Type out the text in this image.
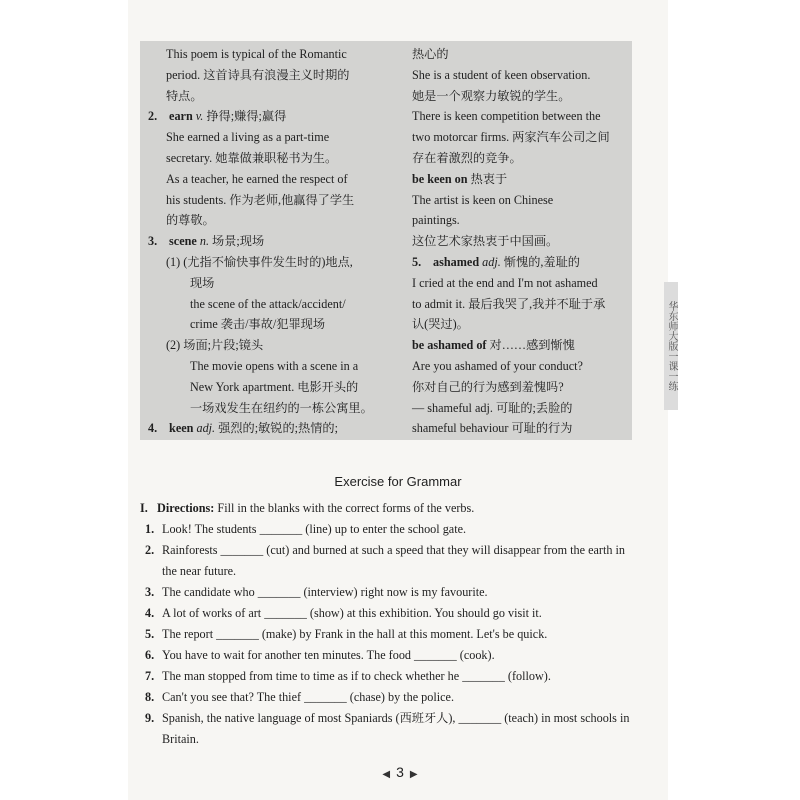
华东师大版一课一练
This poem is typical of the Romantic
period. 这首诗具有浪漫主义时期的
特点。
2. earn v. 挣得;赚得;赢得
She earned a living as a part-time
secretary. 她靠做兼职秘书为生。
As a teacher, he earned the respect of
his students. 作为老师,他赢得了学生
的尊敬。
3. scene n. 场景;现场
(1) (尤指不愉快事件发生时的)地点,
现场
the scene of the attack/accident/
crime 袭击/事故/犯罪现场
(2) 场面;片段;镜头
The movie opens with a scene in a
New York apartment. 电影开头的
一场戏发生在纽约的一栋公寓里。
4. keen adj. 强烈的;敏锐的;热情的;
热心的
She is a student of keen observation.
她是一个观察力敏锐的学生。
There is keen competition between the
two motorcar firms. 两家汽车公司之间
存在着激烈的竞争。
be keen on 热衷于
The artist is keen on Chinese
paintings.
这位艺术家热衷于中国画。
5. ashamed adj. 惭愧的,羞耻的
I cried at the end and I'm not ashamed
to admit it. 最后我哭了,我并不耻于承
认(哭过)。
be ashamed of 对……感到惭愧
Are you ashamed of your conduct?
你对自己的行为感到羞愧吗?
— shameful adj. 可耻的;丢脸的
shameful behaviour 可耻的行为
Exercise for Grammar
I. Directions: Fill in the blanks with the correct forms of the verbs.
1. Look! The students _______ (line) up to enter the school gate.
2. Rainforests _______ (cut) and burned at such a speed that they will disappear from the earth in the near future.
3. The candidate who _______ (interview) right now is my favourite.
4. A lot of works of art _______ (show) at this exhibition. You should go visit it.
5. The report _______ (make) by Frank in the hall at this moment. Let's be quick.
6. You have to wait for another ten minutes. The food _______ (cook).
7. The man stopped from time to time as if to check whether he _______ (follow).
8. Can't you see that? The thief _______ (chase) by the police.
9. Spanish, the native language of most Spaniards (西班牙人), _______ (teach) in most schools in Britain.
◀ 3 ▶
